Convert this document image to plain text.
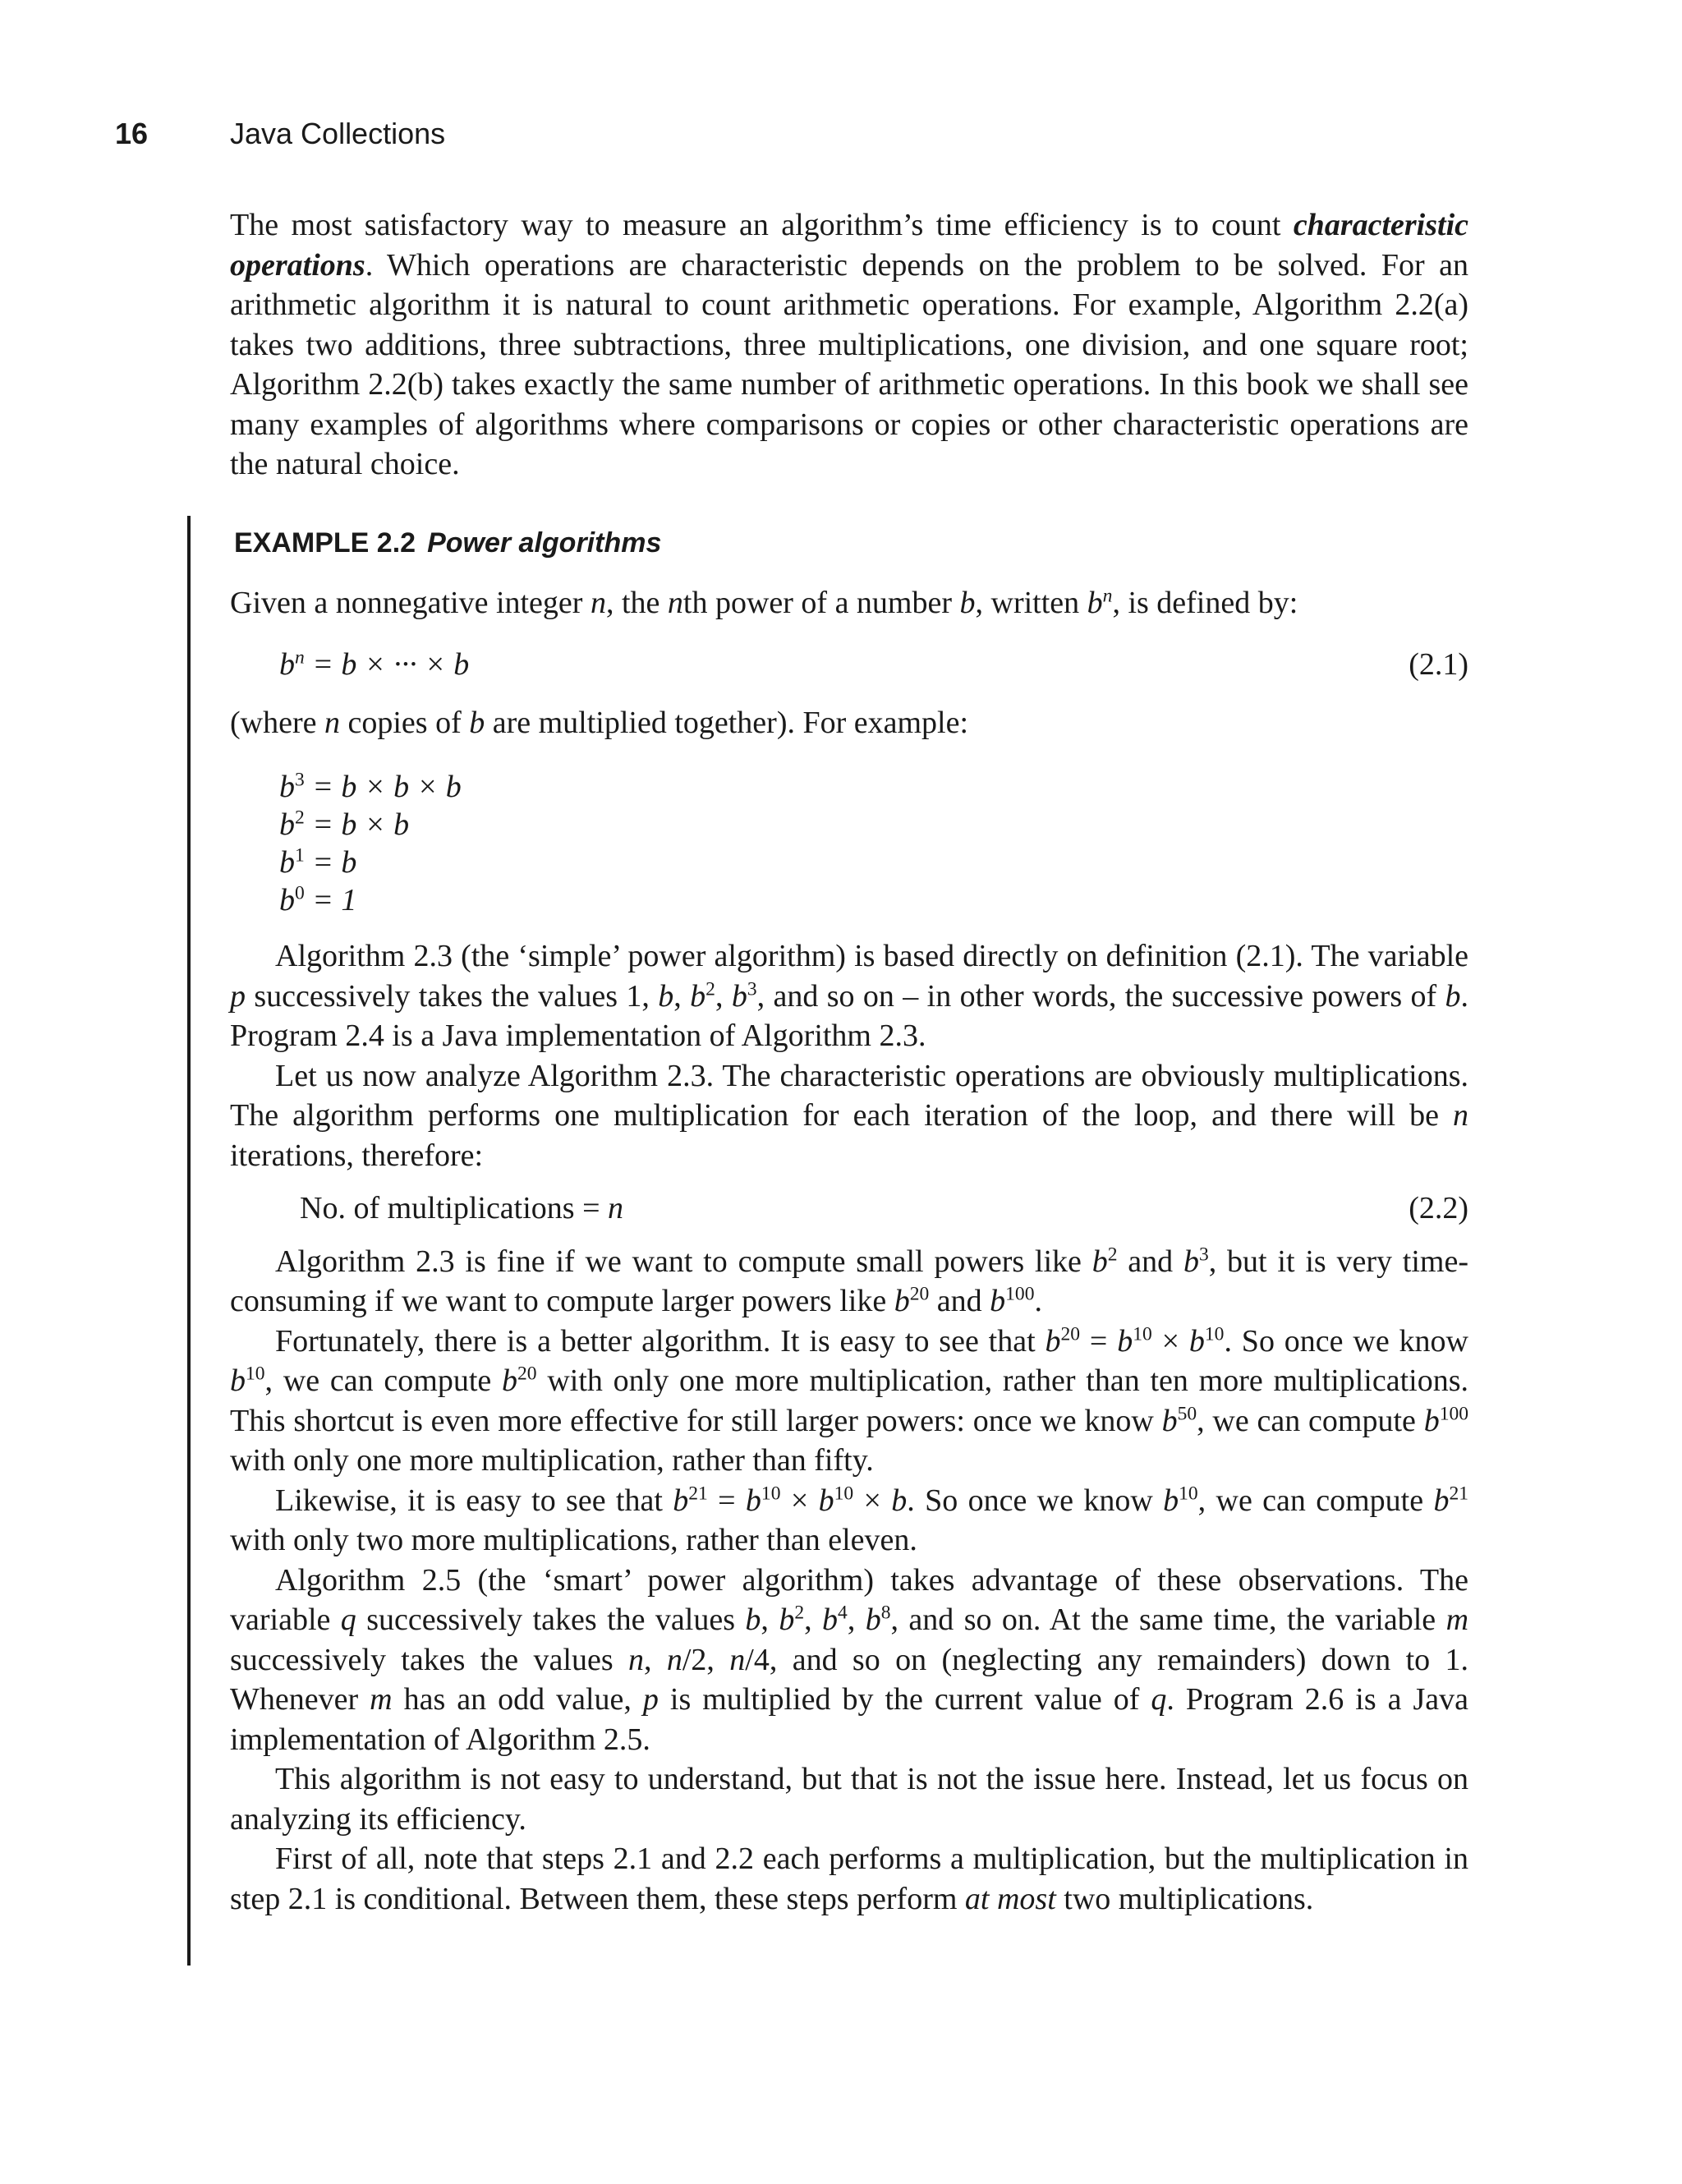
16	Java Collections

The most satisfactory way to measure an algorithm’s time efficiency is to count characteristic operations. Which operations are characteristic depends on the problem to be solved. For an arithmetic algorithm it is natural to count arithmetic operations. For example, Algorithm 2.2(a) takes two additions, three subtractions, three multiplications, one division, and one square root; Algorithm 2.2(b) takes exactly the same number of arithmetic operations. In this book we shall see many examples of algorithms where comparisons or copies or other characteristic operations are the natural choice.

EXAMPLE 2.2 Power algorithms

Given a nonnegative integer n, the nth power of a number b, written $b^n$, is defined by:

$b^n = b$ × ··· × b	(2.1)

(where n copies of b are multiplied together). For example:

$b^3 = b \times b \times b$
$b^2 = b \times b$
$b^1 = b$
$b^0 = 1$

Algorithm 2.3 (the ‘simple’ power algorithm) is based directly on definition (2.1). The variable p successively takes the values 1, b, $b^2$, $b^3$, and so on – in other words, the successive powers of b. Program 2.4 is a Java implementation of Algorithm 2.3.

Let us now analyze Algorithm 2.3. The characteristic operations are obviously multiplications. The algorithm performs one multiplication for each iteration of the loop, and there will be n iterations, therefore:

No. of multiplications = n	(2.2)

Algorithm 2.3 is fine if we want to compute small powers like $b^2$ and $b^3$, but it is very time-consuming if we want to compute larger powers like $b^{20}$ and $b^{100}$.

Fortunately, there is a better algorithm. It is easy to see that $b^{20} = b^{10} \times b^{10}$. So once we know $b^{10}$, we can compute $b^{20}$ with only one more multiplication, rather than ten more multiplications. This shortcut is even more effective for still larger powers: once we know $b^{50}$, we can compute $b^{100}$ with only one more multiplication, rather than fifty.

Likewise, it is easy to see that $b^{21} = b^{10} \times b^{10} \times b$. So once we know $b^{10}$, we can compute $b^{21}$ with only two more multiplications, rather than eleven.

Algorithm 2.5 (the ‘smart’ power algorithm) takes advantage of these observations. The variable q successively takes the values b, $b^2$, $b^4$, $b^8$, and so on. At the same time, the variable m successively takes the values n, n/2, n/4, and so on (neglecting any remainders) down to 1. Whenever m has an odd value, p is multiplied by the current value of q. Program 2.6 is a Java implementation of Algorithm 2.5.

This algorithm is not easy to understand, but that is not the issue here. Instead, let us focus on analyzing its efficiency.

First of all, note that steps 2.1 and 2.2 each performs a multiplication, but the multiplication in step 2.1 is conditional. Between them, these steps perform at most two multiplications.
